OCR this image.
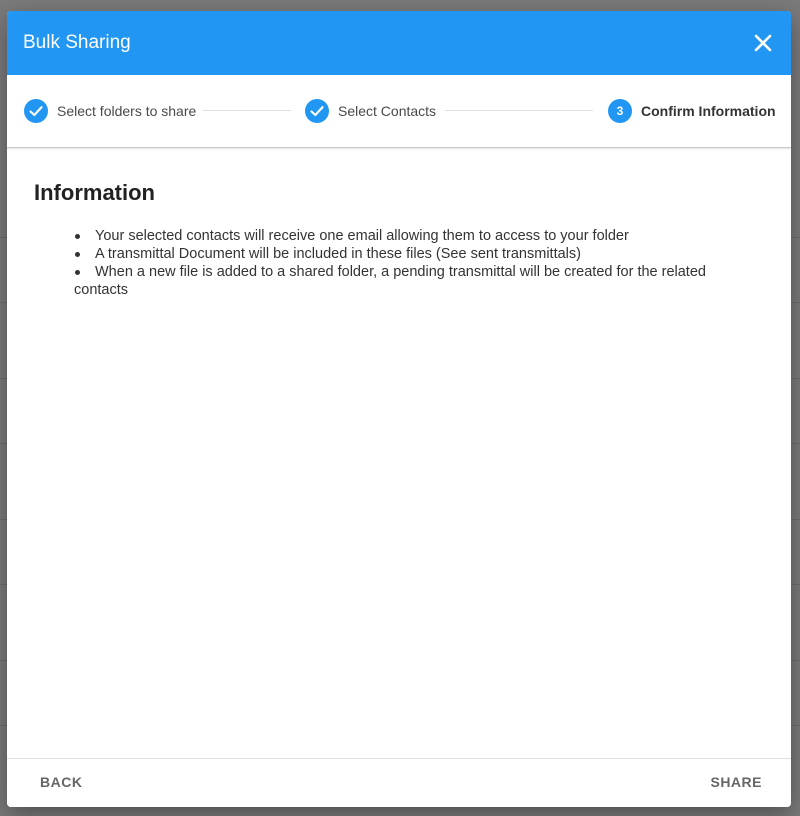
Bulk Sharing
Select folders to share	Select Contacts	3 Confirm Information
Information
Your selected contacts will receive one email allowing them to access to your folder
A transmittal Document will be included in these files (See sent transmittals)
When a new file is added to a shared folder, a pending transmittal will be created for the related contacts
BACK	SHARE
